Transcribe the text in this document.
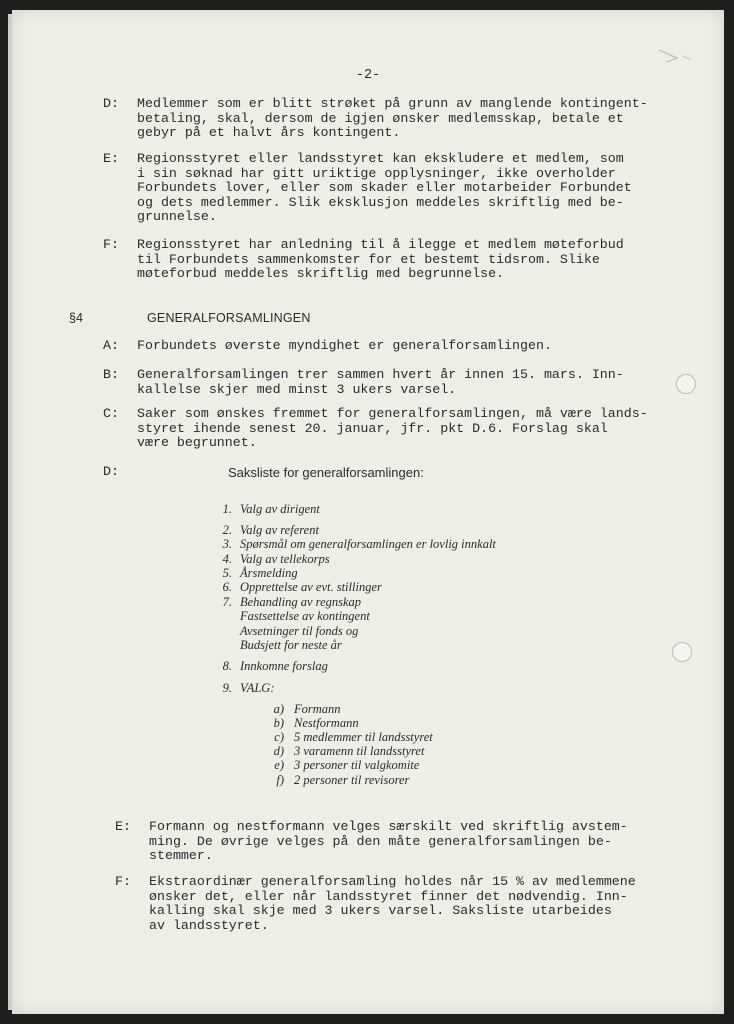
-2-
D: Medlemmer som er blitt strøket på grunn av manglende kontingent-
betaling, skal, dersom de igjen ønsker medlemsskap, betale et
gebyr på et halvt års kontingent.
E: Regionsstyret eller landsstyret kan ekskludere et medlem, som
i sin søknad har gitt uriktige opplysninger, ikke overholder
Forbundets lover, eller som skader eller motarbeider Forbundet
og dets medlemmer. Slik eksklusjon meddeles skriftlig med be-
grunnelse.
F: Regionsstyret har anledning til å ilegge et medlem møteforbud
til Forbundets sammenkomster for et bestemt tidsrom. Slike
møteforbud meddeles skriftlig med begrunnelse.
§4	GENERALFORSAMLINGEN
A: Forbundets øverste myndighet er generalforsamlingen.
B: Generalforsamlingen trer sammen hvert år innen 15. mars. Inn-
kallelse skjer med minst 3 ukers varsel.
C: Saker som ønskes fremmet for generalforsamlingen, må være lands-
styret ihende senest 20. januar, jfr. pkt D.6. Forslag skal
være begrunnet.
D:	Saksliste for generalforsamlingen:
1. Valg av dirigent
2. Valg av referent
3. Spørsmål om generalforsamlingen er lovlig innkalt
4. Valg av tellekorps
5. Årsmelding
6. Opprettelse av evt. stillinger
7. Behandling av regnskap
Fastsettelse av kontingent
Avsetninger til fonds og
Budsjett for neste år
8. Innkomne forslag
9. VALG:
a) Formann
b) Nestformann
c) 5 medlemmer til landsstyret
d) 3 varamenn til landsstyret
e) 3 personer til valgkomite
f) 2 personer til revisorer
E: Formann og nestformann velges særskilt ved skriftlig avstem-
ming. De øvrige velges på den måte generalforsamlingen be-
stemmer.
F: Ekstraordinær generalforsamling holdes når 15 % av medlemmene
ønsker det, eller når landsstyret finner det nødvendig. Inn-
kalling skal skje med 3 ukers varsel. Saksliste utarbeides
av landsstyret.
